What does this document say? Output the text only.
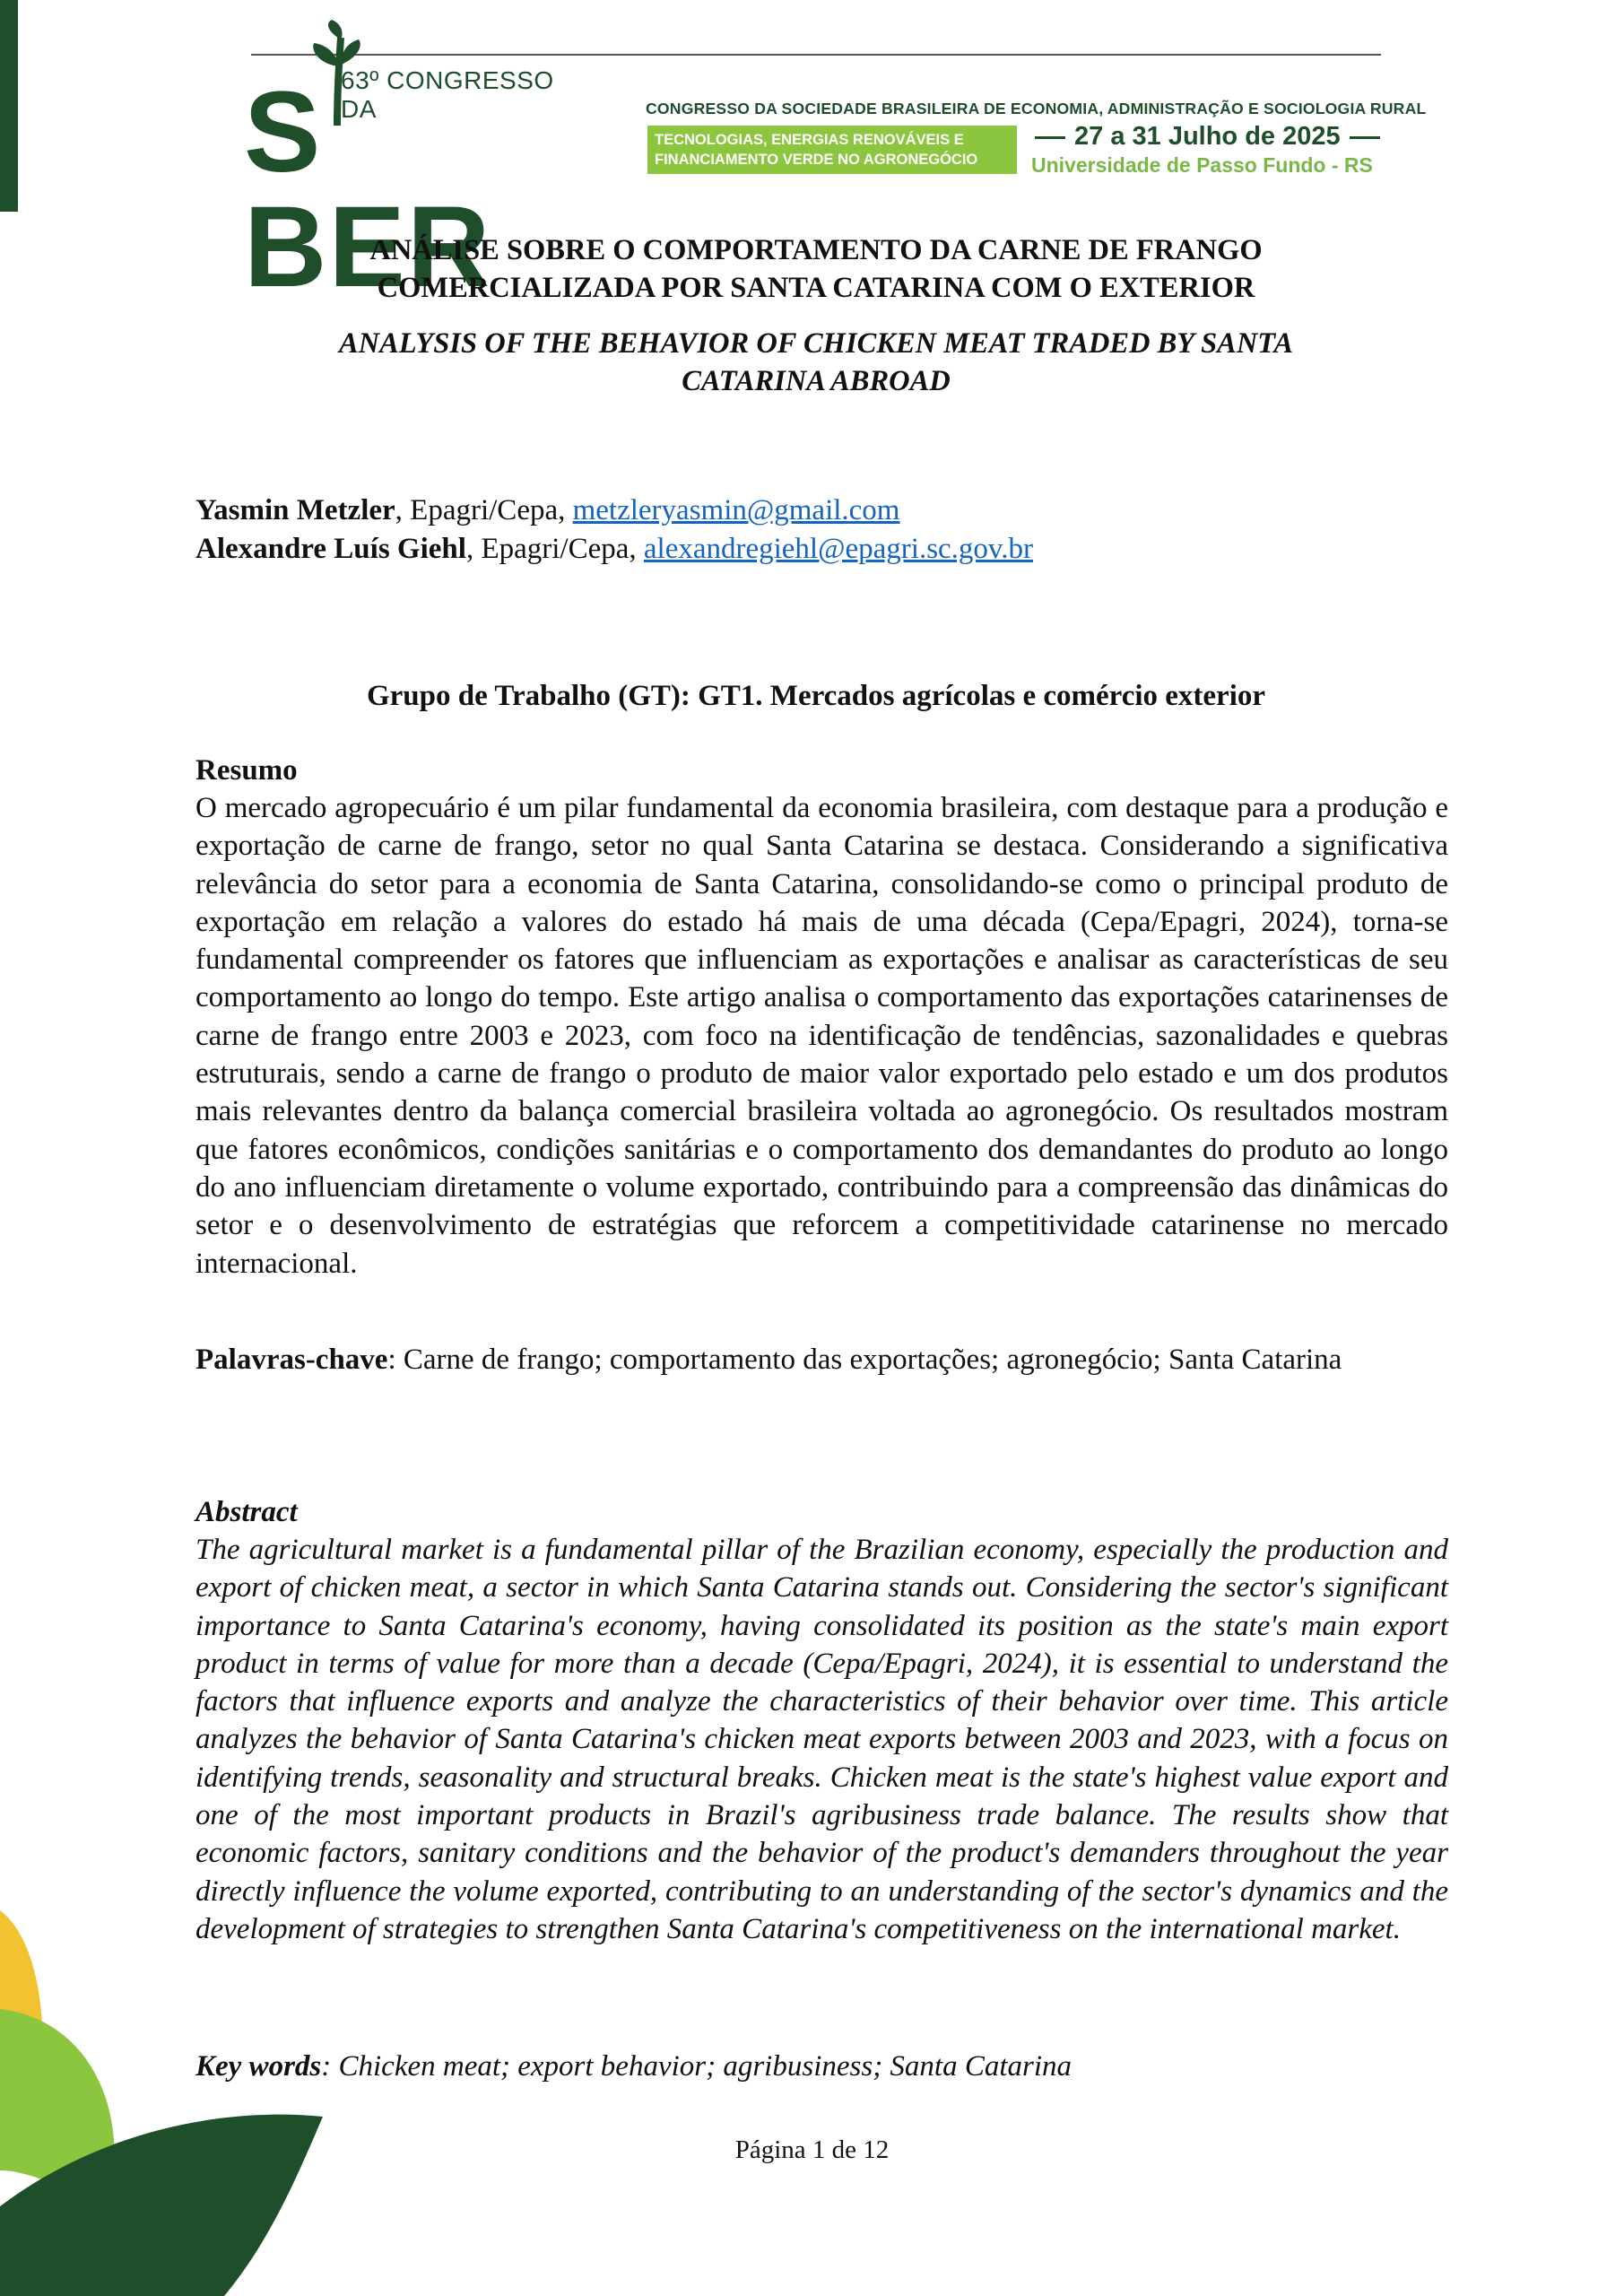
63º CONGRESSO DA
S BER
CONGRESSO DA SOCIEDADE BRASILEIRA DE ECONOMIA, ADMINISTRAÇÃO E SOCIOLOGIA RURAL
TECNOLOGIAS, ENERGIAS RENOVÁVEIS E
FINANCIAMENTO VERDE NO AGRONEGÓCIO
27 a 31 Julho de 2025
Universidade de Passo Fundo - RS
ANÁLISE SOBRE O COMPORTAMENTO DA CARNE DE FRANGO
COMERCIALIZADA POR SANTA CATARINA COM O EXTERIOR
ANALYSIS OF THE BEHAVIOR OF CHICKEN MEAT TRADED BY SANTA
CATARINA ABROAD
Yasmin Metzler, Epagri/Cepa, metzleryasmin@gmail.com
Alexandre Luís Giehl, Epagri/Cepa, alexandregiehl@epagri.sc.gov.br
Grupo de Trabalho (GT): GT1. Mercados agrícolas e comércio exterior
Resumo

O mercado agropecuário é um pilar fundamental da economia brasileira, com destaque para a produção e exportação de carne de frango, setor no qual Santa Catarina se destaca. Considerando a significativa relevância do setor para a economia de Santa Catarina, consolidando-se como o principal produto de exportação em relação a valores do estado há mais de uma década (Cepa/Epagri, 2024), torna-se fundamental compreender os fatores que influenciam as exportações e analisar as características de seu comportamento ao longo do tempo. Este artigo analisa o comportamento das exportações catarinenses de carne de frango entre 2003 e 2023, com foco na identificação de tendências, sazonalidades e quebras estruturais, sendo a carne de frango o produto de maior valor exportado pelo estado e um dos produtos mais relevantes dentro da balança comercial brasileira voltada ao agronegócio. Os resultados mostram que fatores econômicos, condições sanitárias e o comportamento dos demandantes do produto ao longo do ano influenciam diretamente o volume exportado, contribuindo para a compreensão das dinâmicas do setor e o desenvolvimento de estratégias que reforcem a competitividade catarinense no mercado internacional.

Palavras-chave: Carne de frango; comportamento das exportações; agronegócio; Santa Catarina

Abstract

The agricultural market is a fundamental pillar of the Brazilian economy, especially the production and export of chicken meat, a sector in which Santa Catarina stands out. Considering the sector's significant importance to Santa Catarina's economy, having consolidated its position as the state's main export product in terms of value for more than a decade (Cepa/Epagri, 2024), it is essential to understand the factors that influence exports and analyze the characteristics of their behavior over time. This article analyzes the behavior of Santa Catarina's chicken meat exports between 2003 and 2023, with a focus on identifying trends, seasonality and structural breaks. Chicken meat is the state's highest value export and one of the most important products in Brazil's agribusiness trade balance. The results show that economic factors, sanitary conditions and the behavior of the product's demanders throughout the year directly influence the volume exported, contributing to an understanding of the sector's dynamics and the development of strategies to strengthen Santa Catarina's competitiveness on the international market.

Key words: Chicken meat; export behavior; agribusiness; Santa Catarina

Página 1 de 12
